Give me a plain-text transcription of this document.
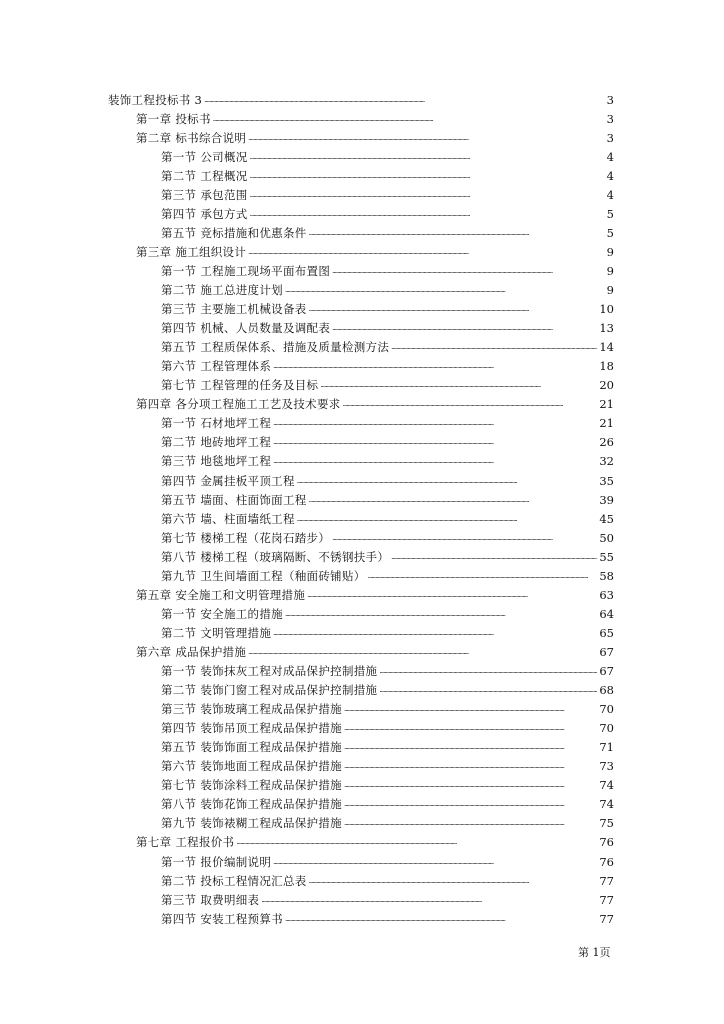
装饰工程投标书 3 . . .	3
第一章 投标书 . . .	3
第二章 标书综合说明 . . .	3
第一节 公司概况 . . .	4
第二节 工程概况 . . .	4
第三节 承包范围 . . .	4
第四节 承包方式 . . .	5
第五节 竞标措施和优惠条件 . . .	5
第三章 施工组织设计 . . .	9
第一节 工程施工现场平面布置图 . . .	9
第二节 施工总进度计划 . . .	9
第三节 主要施工机械设备表 . . .	10
第四节 机械、人员数量及调配表 . . .	13
第五节 工程质保体系、措施及质量检测方法 . . .	14
第六节 工程管理体系 . . .	18
第七节 工程管理的任务及目标 . . .	20
第四章 各分项工程施工工艺及技术要求 . . .	21
第一节 石材地坪工程 . . .	21
第二节 地砖地坪工程 . . .	26
第三节 地毯地坪工程 . . .	32
第四节 金属挂板平顶工程 . . .	35
第五节 墙面、柱面饰面工程 . . .	39
第六节 墙、柱面墙纸工程 . . .	45
第七节 楼梯工程（花岗石踏步） . . .	50
第八节 楼梯工程（玻璃隔断、不锈钢扶手） . . .	55
第九节 卫生间墙面工程（釉面砖铺贴） . . .	58
第五章 安全施工和文明管理措施 . . .	63
第一节 安全施工的措施 . . .	64
第二节 文明管理措施 . . .	65
第六章 成品保护措施 . . .	67
第一节 装饰抹灰工程对成品保护控制措施 . . .	67
第二节 装饰门窗工程对成品保护控制措施 . . .	68
第三节 装饰玻璃工程成品保护措施 . . .	70
第四节 装饰吊顶工程成品保护措施 . . .	70
第五节 装饰饰面工程成品保护措施 . . .	71
第六节 装饰地面工程成品保护措施 . . .	73
第七节 装饰涂料工程成品保护措施 . . .	74
第八节 装饰花饰工程成品保护措施 . . .	74
第九节 装饰裱糊工程成品保护措施 . . .	75
第七章 工程报价书 . . .	76
第一节 报价编制说明 . . .	76
第二节 投标工程情况汇总表 . . .	77
第三节 取费明细表 . . .	77
第四节 安装工程预算书 . . .	77
第 1页
